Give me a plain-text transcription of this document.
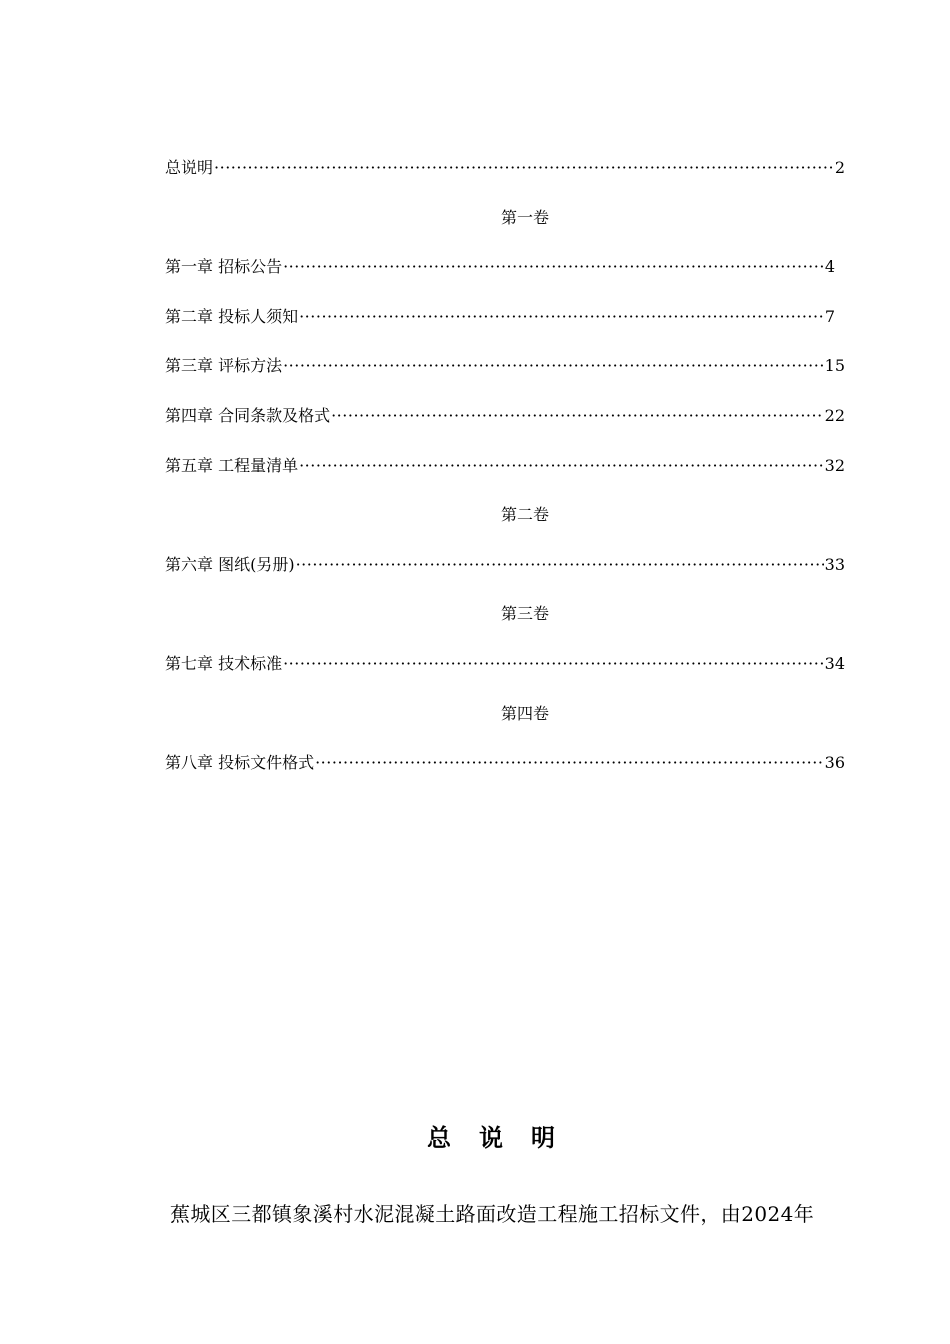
总说明 ·····	2
第一卷
第一章 招标公告 ·····	4
第二章 投标人须知 ·····	7
第三章 评标方法 ·····	15
第四章 合同条款及格式 ·····	22
第五章 工程量清单 ·····	32
第二卷
第六章 图纸(另册) ·····	33
第三卷
第七章 技术标准 ·····	34
第四卷
第八章 投标文件格式 ·····	36
总说明
蕉城区三都镇象溪村水泥混凝土路面改造工程施工招标文件，由2024年
